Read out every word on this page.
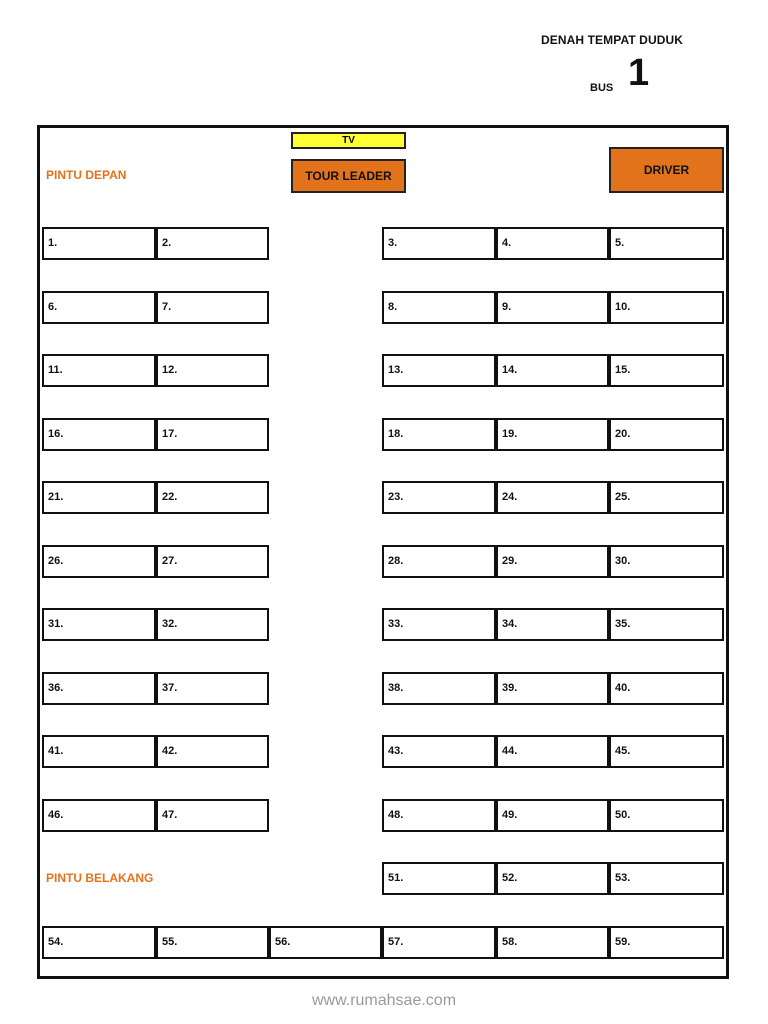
DENAH TEMPAT DUDUK
BUS 1
TV
TOUR LEADER	DRIVER
PINTU DEPAN
PINTU BELAKANG
1.	2.	3.	4.	5.
6.	7.	8.	9.	10.
11.	12.	13.	14.	15.
16.	17.	18.	19.	20.
21.	22.	23.	24.	25.
26.	27.	28.	29.	30.
31.	32.	33.	34.	35.
36.	37.	38.	39.	40.
41.	42.	43.	44.	45.
46.	47.	48.	49.	50.
51.	52.	53.
54.	55.	56.	57.	58.	59.
www.rumahsae.com
